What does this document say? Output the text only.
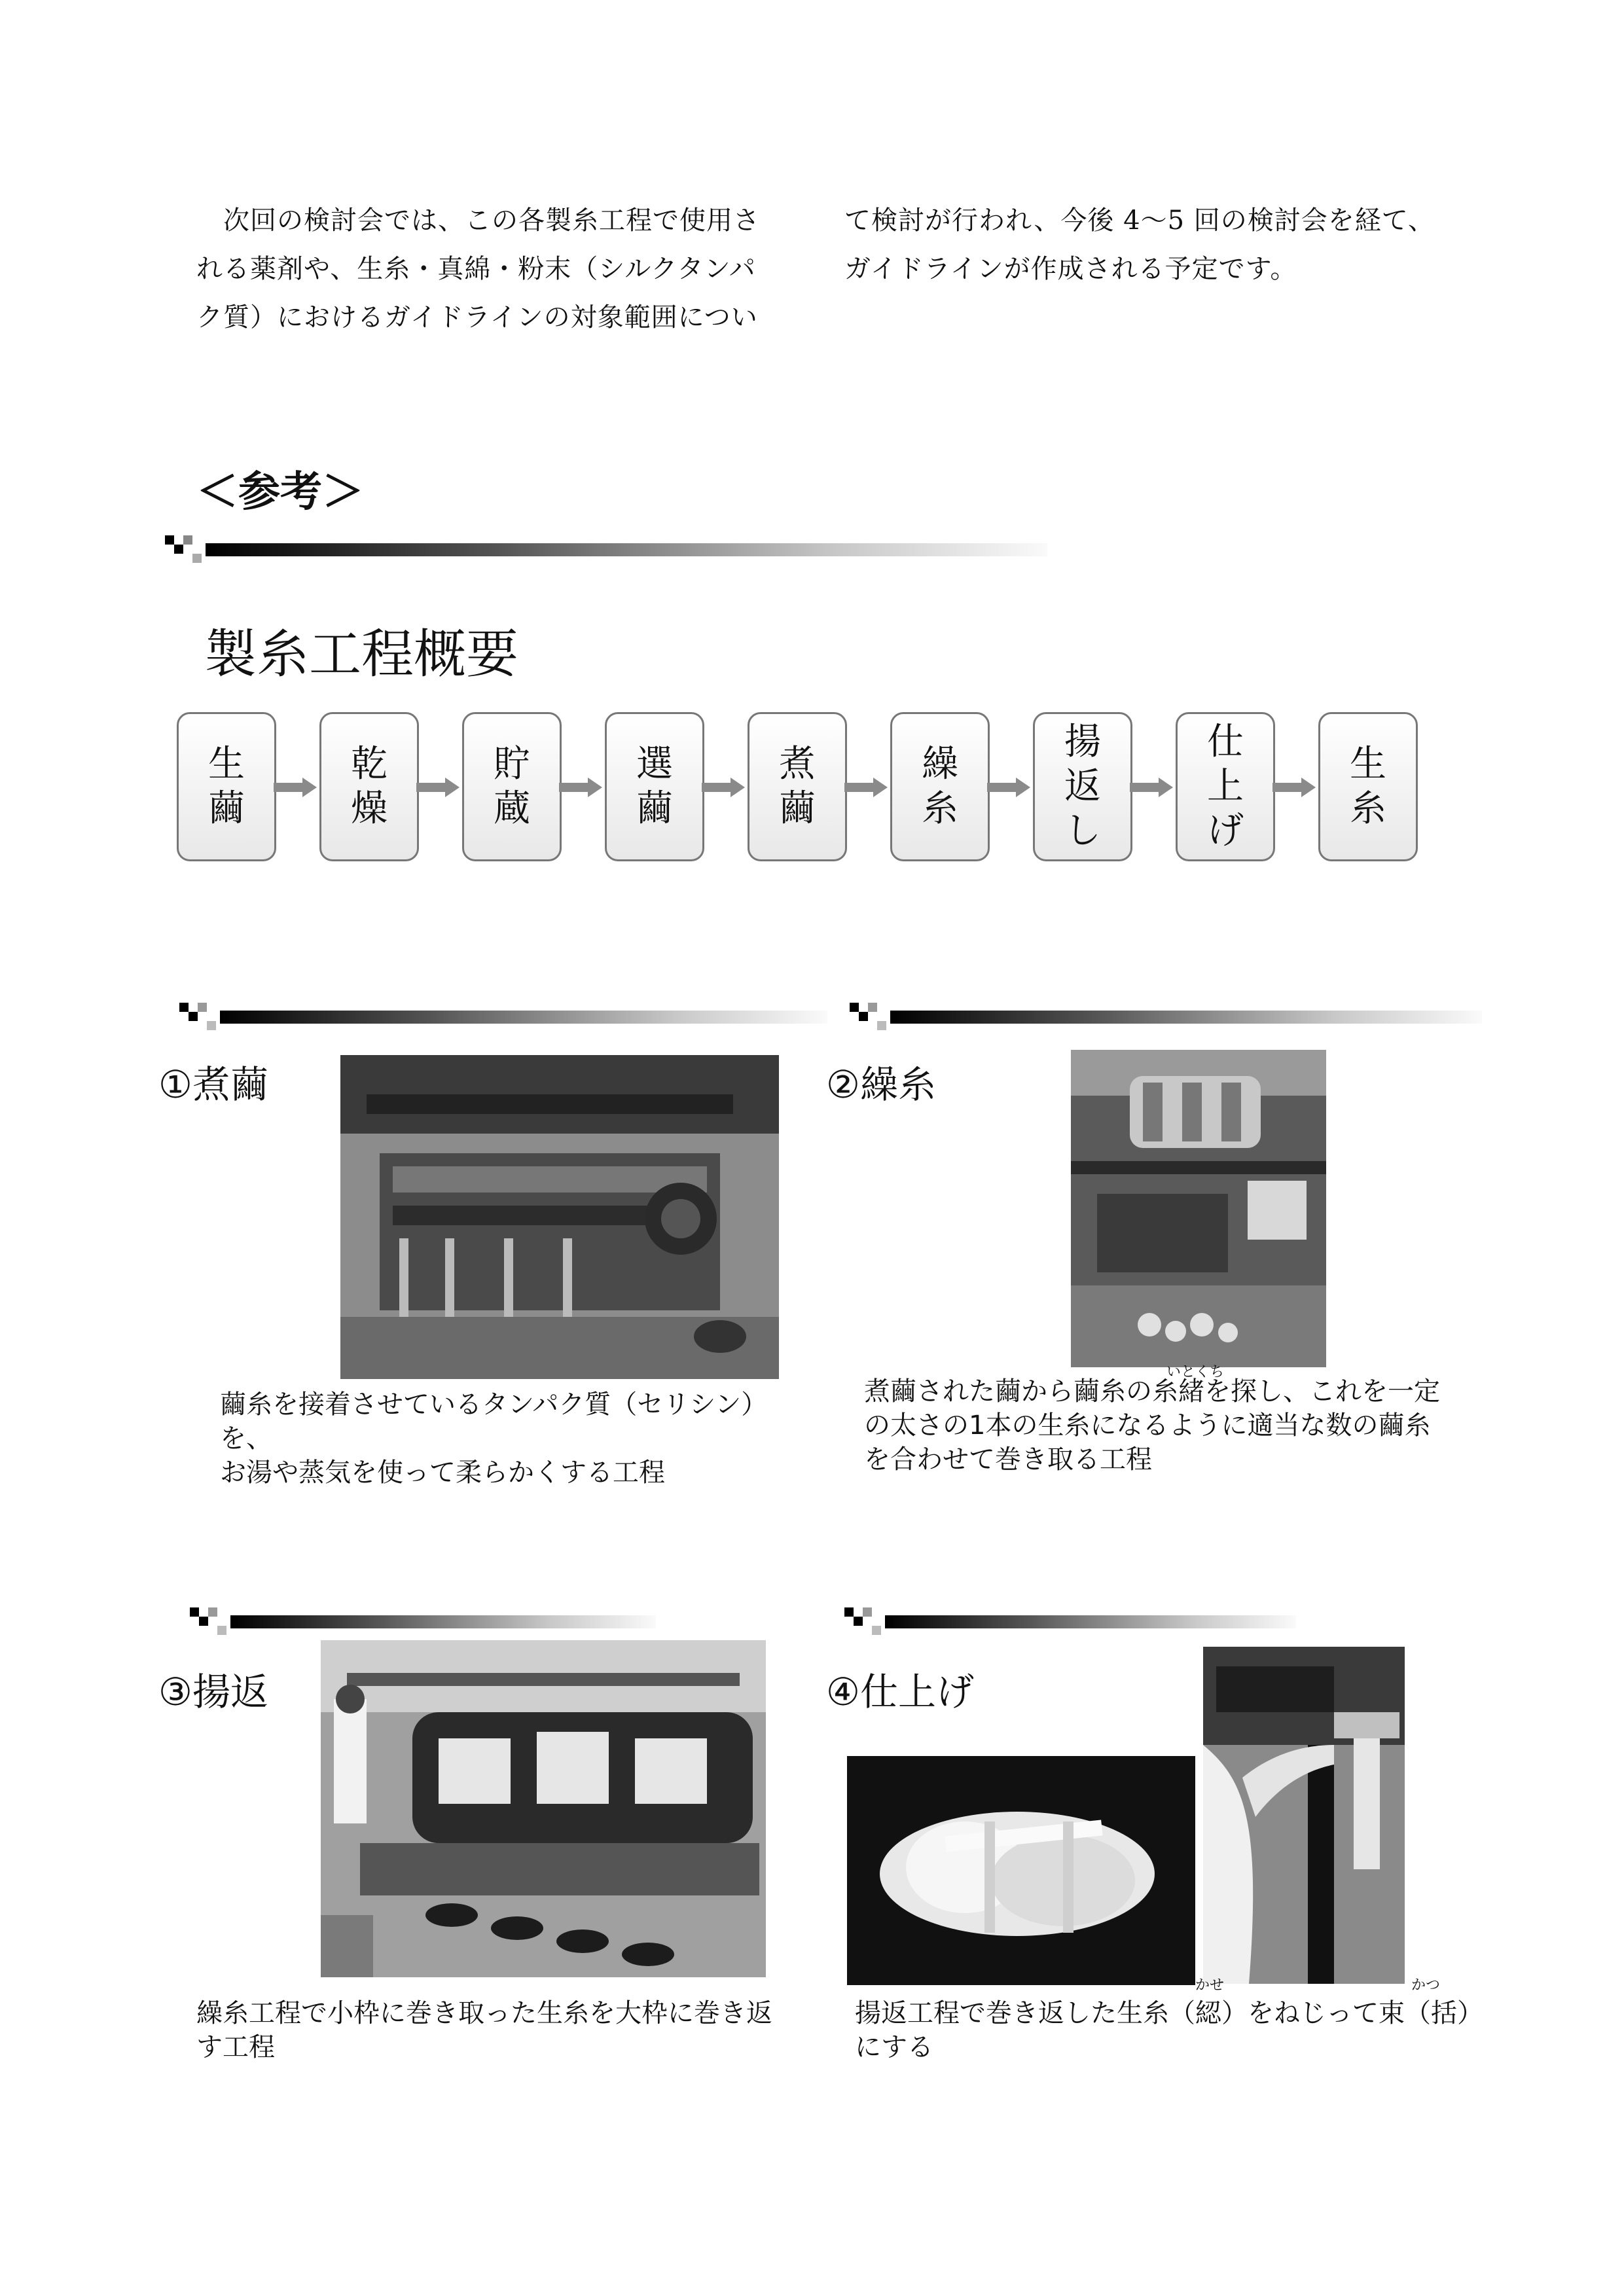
　次回の検討会では、この各製糸工程で使用さ
れる薬剤や、生糸・真綿・粉末（シルクタンパ
ク質）におけるガイドラインの対象範囲につい
て検討が行われ、今後 4～5 回の検討会を経て、
ガイドラインが作成される予定です。
＜参考＞
製糸工程概要
生繭
乾燥
貯蔵
選繭
煮繭
繰糸
揚返し
仕上げ
生糸
①煮繭
繭糸を接着させているタンパク質（セリシン）を、
お湯や蒸気を使って柔らかくする工程
②繰糸
いとくち
煮繭された繭から繭糸の糸緒を探し、これを一定
の太さの1本の生糸になるように適当な数の繭糸
を合わせて巻き取る工程
③揚返
繰糸工程で小枠に巻き取った生糸を大枠に巻き返
す工程
④仕上げ
かせ	かつ
揚返工程で巻き返した生糸（綛）をねじって束（括）
にする
